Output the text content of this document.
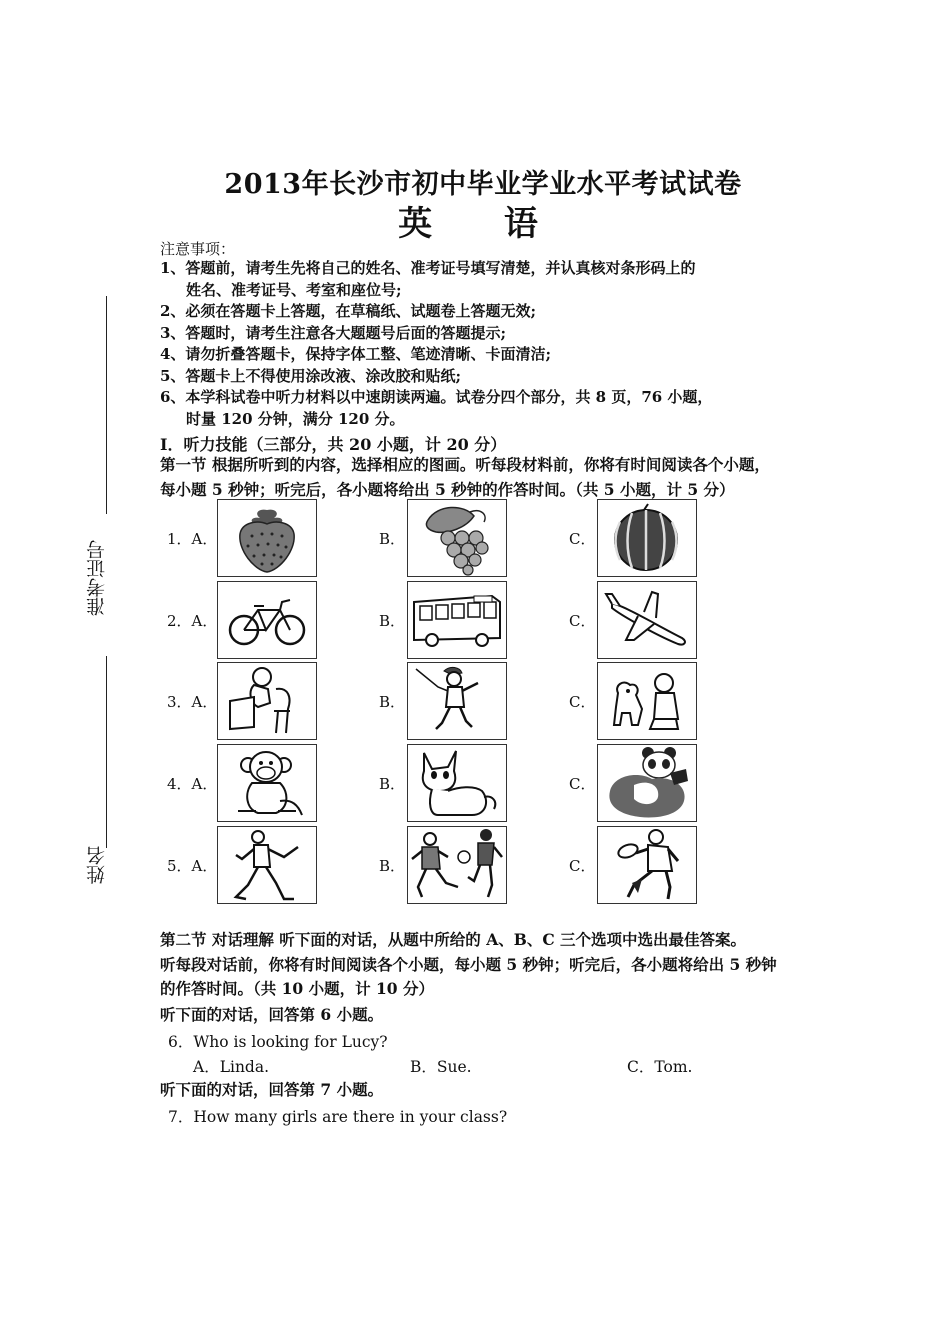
2013年长沙市初中毕业学业水平考试试卷
英 语
准考证号
姓名
注意事项：
1、答题前，请考生先将自己的姓名、准考证号填写清楚，并认真核对条形码上的
姓名、准考证号、考室和座位号;
2、必须在答题卡上答题，在草稿纸、试题卷上答题无效;
3、答题时，请考生注意各大题题号后面的答题提示;
4、请勿折叠答题卡，保持字体工整、笔迹清晰、卡面清洁;
5、答题卡上不得使用涂改液、涂改胶和贴纸;
6、本学科试卷中听力材料以中速朗读两遍。试卷分四个部分，共 8 页，76 小题，
时量 120 分钟，满分 120 分。
I．听力技能（三部分，共 20 小题，计 20 分）
第一节 根据所听到的内容，选择相应的图画。听每段材料前，你将有时间阅读各个小题，
每小题 5 秒钟；听完后，各小题将给出 5 秒钟的作答时间。（共 5 小题，计 5 分）
1．A．	B．	C．
2．A．	B．	C．
3．A．	B．	C．
4．A．	B．	C．
5．A．	B．	C．
第二节 对话理解 听下面的对话，从题中所给的 A、B、C 三个选项中选出最佳答案。
听每段对话前，你将有时间阅读各个小题，每小题 5 秒钟；听完后，各小题将给出 5 秒钟
的作答时间。（共 10 小题，计 10 分）
听下面的对话，回答第 6 小题。
6．Who is looking for Lucy?
A．Linda.	B．Sue.	C．Tom.
听下面的对话，回答第 7 小题。
7．How many girls are there in your class?
